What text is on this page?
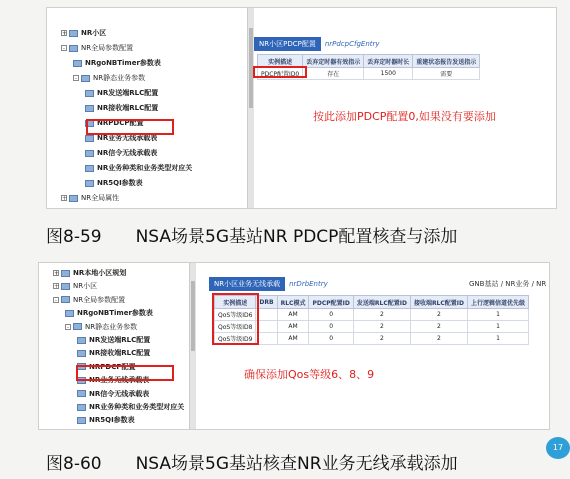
+ NR小区
- NR全局参数配置
NRgoNBTimer参数表
- NR静态业务参数
NR发送端RLC配置
NR接收端RLC配置
NRPDCP配置
NR业务无线承载表
NR信令无线承载表
NR业务种类和业务类型对应关
NR5QI参数表
+ NR全局属性
NR小区PDCP配置	nrPdcpCfgEntry
实例描述	丢弃定时器有效指示	丢弃定时器时长	重建状态报告发送指示
PDCP配置ID0	存在	1500	需要
按此添加PDCP配置0,如果没有要添加
图8-59 NSA场景5G基站NR PDCP配置核查与添加
+ NR本地小区规划
+ NR小区
- NR全局参数配置
NRgoNBTimer参数表
- NR静态业务参数
NR发送端RLC配置
NR接收端RLC配置
NRPDCP配置
NR业务无线承载表
NR信令无线承载表
NR业务种类和业务类型对应关
NR5QI参数表
NR小区业务无线承载	nrDrbEntry	GNB基站 / NR业务 / NR
实例描述	DRB	RLC模式	PDCP配置ID	发送端RLC配置ID	接收端RLC配置ID	上行逻辑信道优先级
QoS等级ID6		AM	0	2	2	1
QoS等级ID8		AM	0	2	2	1
QoS等级ID9		AM	0	2	2	1
确保添加Qos等级6、8、9
图8-60 NSA场景5G基站核查NR业务无线承载添加
17
